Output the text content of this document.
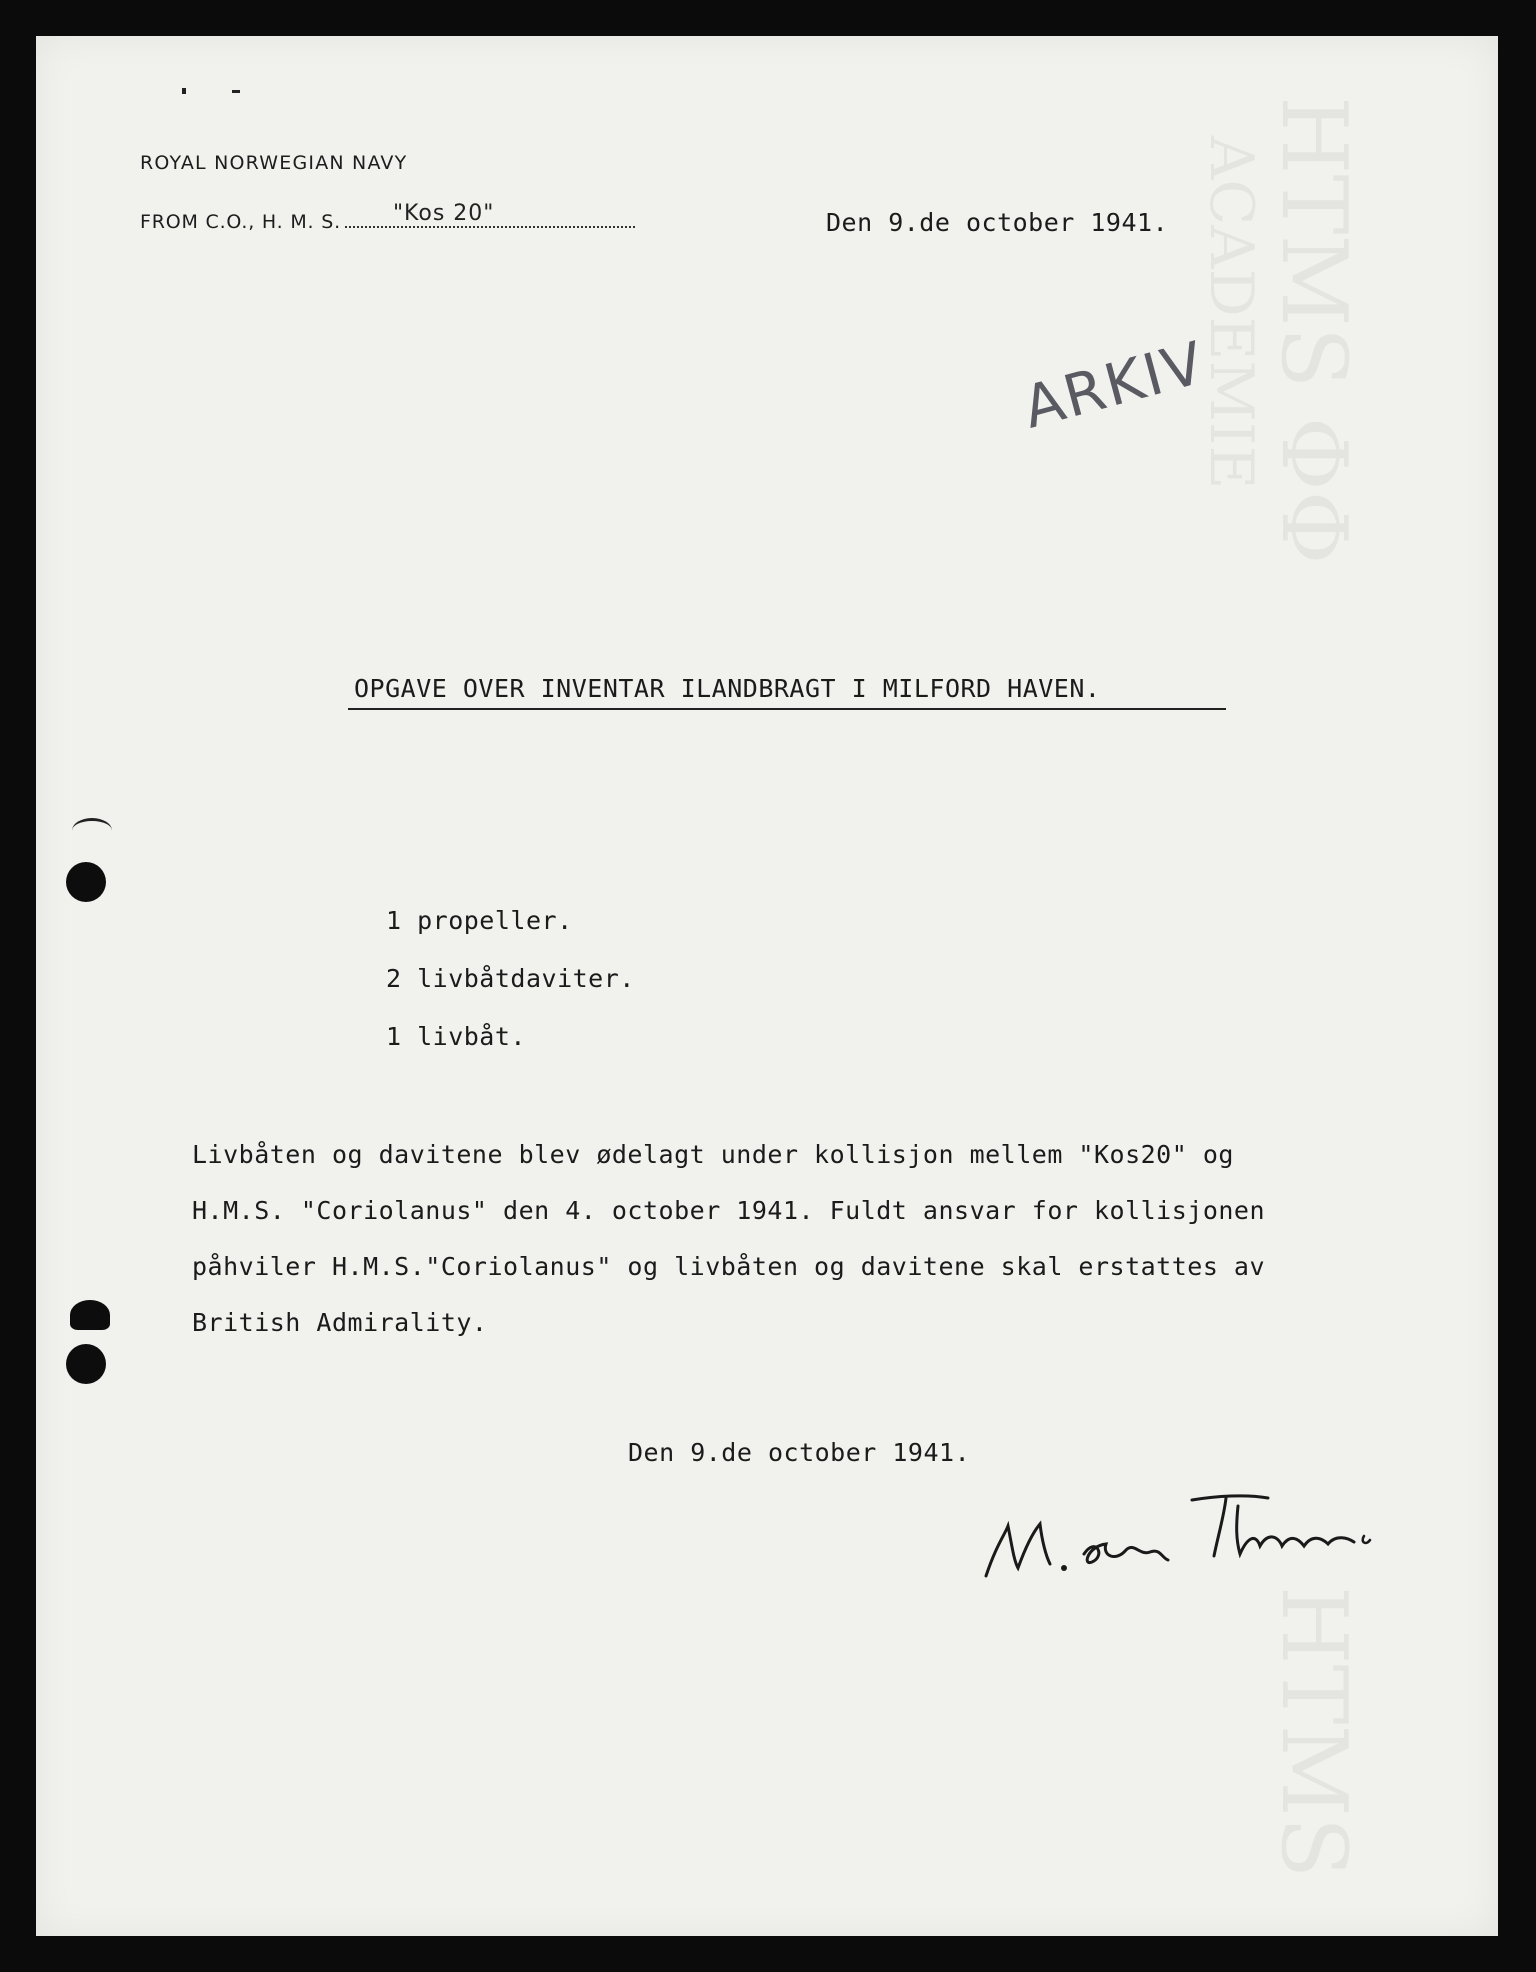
HTMS ΦΦ
ACADEMIE
HTMS
ROYAL NORWEGIAN NAVY
FROM C.O., H. M. S. "Kos 20"	Den 9.de october 1941.
ARKIV
OPGAVE OVER INVENTAR ILANDBRAGT I MILFORD HAVEN.
1 propeller.
2 livbåtdaviter.
1 livbåt.
Livbåten og davitene blev ødelagt under kollisjon mellem "Kos20" og
H.M.S. "Coriolanus" den 4. october 1941. Fuldt ansvar for kollisjonen
påhviler H.M.S."Coriolanus" og livbåten og davitene skal erstattes av
British Admirality.
Den 9.de october 1941.
